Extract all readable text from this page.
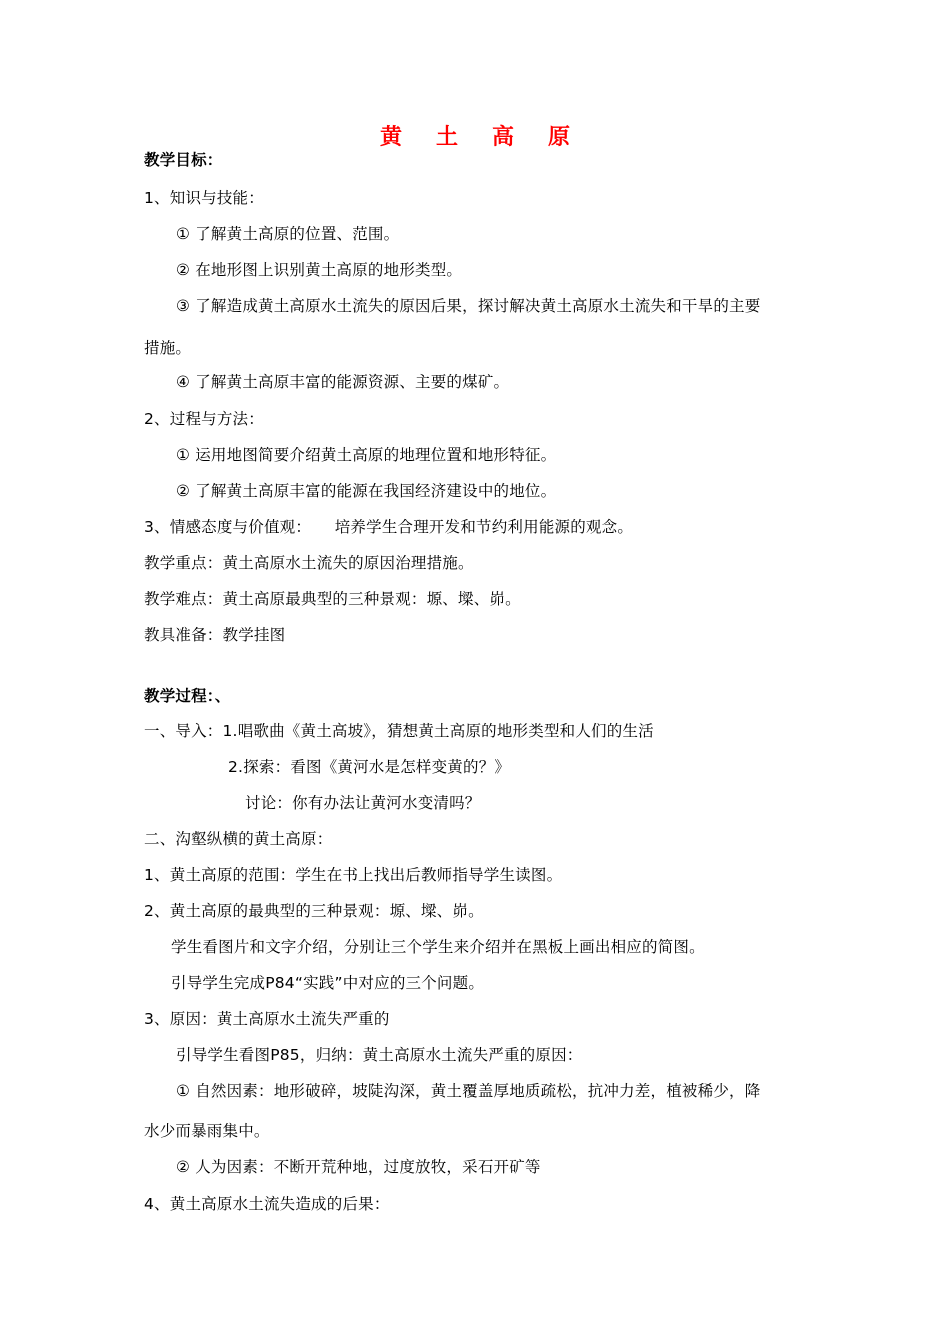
黄土高原
教学目标：
1、知识与技能：
① 了解黄土高原的位置、范围。
② 在地形图上识别黄土高原的地形类型。
③ 了解造成黄土高原水土流失的原因后果，探讨解决黄土高原水土流失和干旱的主要
措施。
④ 了解黄土高原丰富的能源资源、主要的煤矿。
2、过程与方法：
① 运用地图简要介绍黄土高原的地理位置和地形特征。
② 了解黄土高原丰富的能源在我国经济建设中的地位。
3、情感态度与价值观：　　培养学生合理开发和节约利用能源的观念。
教学重点：黄土高原水土流失的原因治理措施。
教学难点：黄土高原最典型的三种景观：塬、墚、峁。
教具准备：教学挂图
教学过程：、
一、导入：1.唱歌曲《黄土高坡》，猜想黄土高原的地形类型和人们的生活
2.探索：看图《黄河水是怎样变黄的？》
讨论：你有办法让黄河水变清吗？
二、沟壑纵横的黄土高原：
1、黄土高原的范围：学生在书上找出后教师指导学生读图。
2、黄土高原的最典型的三种景观：塬、墚、峁。
学生看图片和文字介绍，分别让三个学生来介绍并在黑板上画出相应的简图。
引导学生完成P84“实践”中对应的三个问题。
3、原因：黄土高原水土流失严重的
引导学生看图P85，归纳：黄土高原水土流失严重的原因：
① 自然因素：地形破碎，坡陡沟深，黄土覆盖厚地质疏松，抗冲力差，植被稀少，降
水少而暴雨集中。
② 人为因素：不断开荒种地，过度放牧，采石开矿等
4、黄土高原水土流失造成的后果：
